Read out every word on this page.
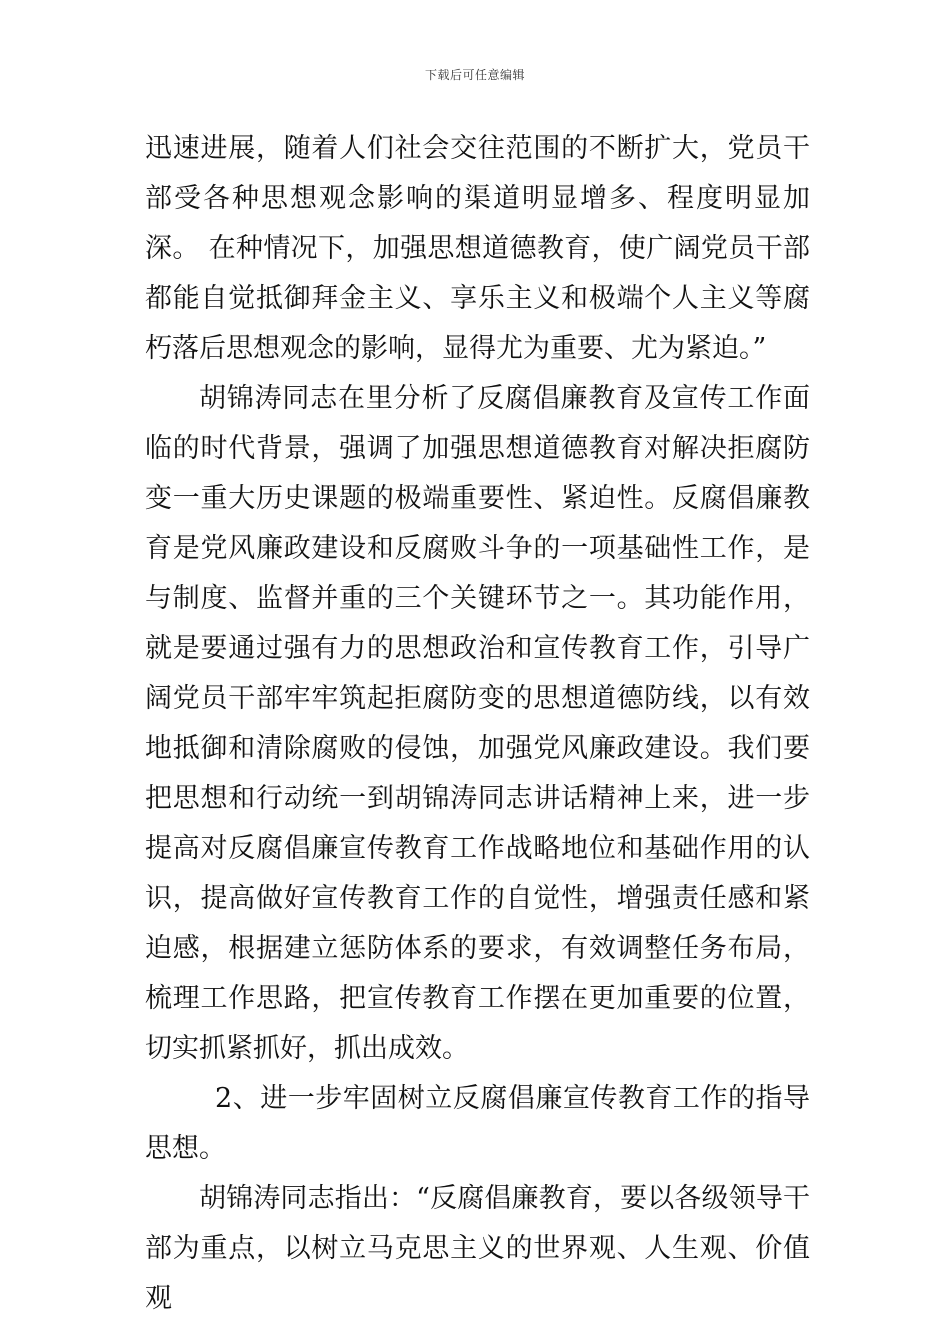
下载后可任意编辑

迅速进展，随着人们社会交往范围的不断扩大，党员干部受各种思想观念影响的渠道明显增多、程度明显加深。 在种情况下，加强思想道德教育，使广阔党员干部都能自觉抵御拜金主义、享乐主义和极端个人主义等腐朽落后思想观念的影响，显得尤为重要、尤为紧迫。”

胡锦涛同志在里分析了反腐倡廉教育及宣传工作面临的时代背景，强调了加强思想道德教育对解决拒腐防变一重大历史课题的极端重要性、紧迫性。反腐倡廉教育是党风廉政建设和反腐败斗争的一项基础性工作，是与制度、监督并重的三个关键环节之一。其功能作用，就是要通过强有力的思想政治和宣传教育工作，引导广阔党员干部牢牢筑起拒腐防变的思想道德防线，以有效地抵御和清除腐败的侵蚀，加强党风廉政建设。我们要把思想和行动统一到胡锦涛同志讲话精神上来，进一步提高对反腐倡廉宣传教育工作战略地位和基础作用的认识，提高做好宣传教育工作的自觉性，增强责任感和紧迫感，根据建立惩防体系的要求，有效调整任务布局，梳理工作思路，把宣传教育工作摆在更加重要的位置，切实抓紧抓好，抓出成效。

2、进一步牢固树立反腐倡廉宣传教育工作的指导思想。

胡锦涛同志指出：“反腐倡廉教育，要以各级领导干部为重点，以树立马克思主义的世界观、人生观、价值观
